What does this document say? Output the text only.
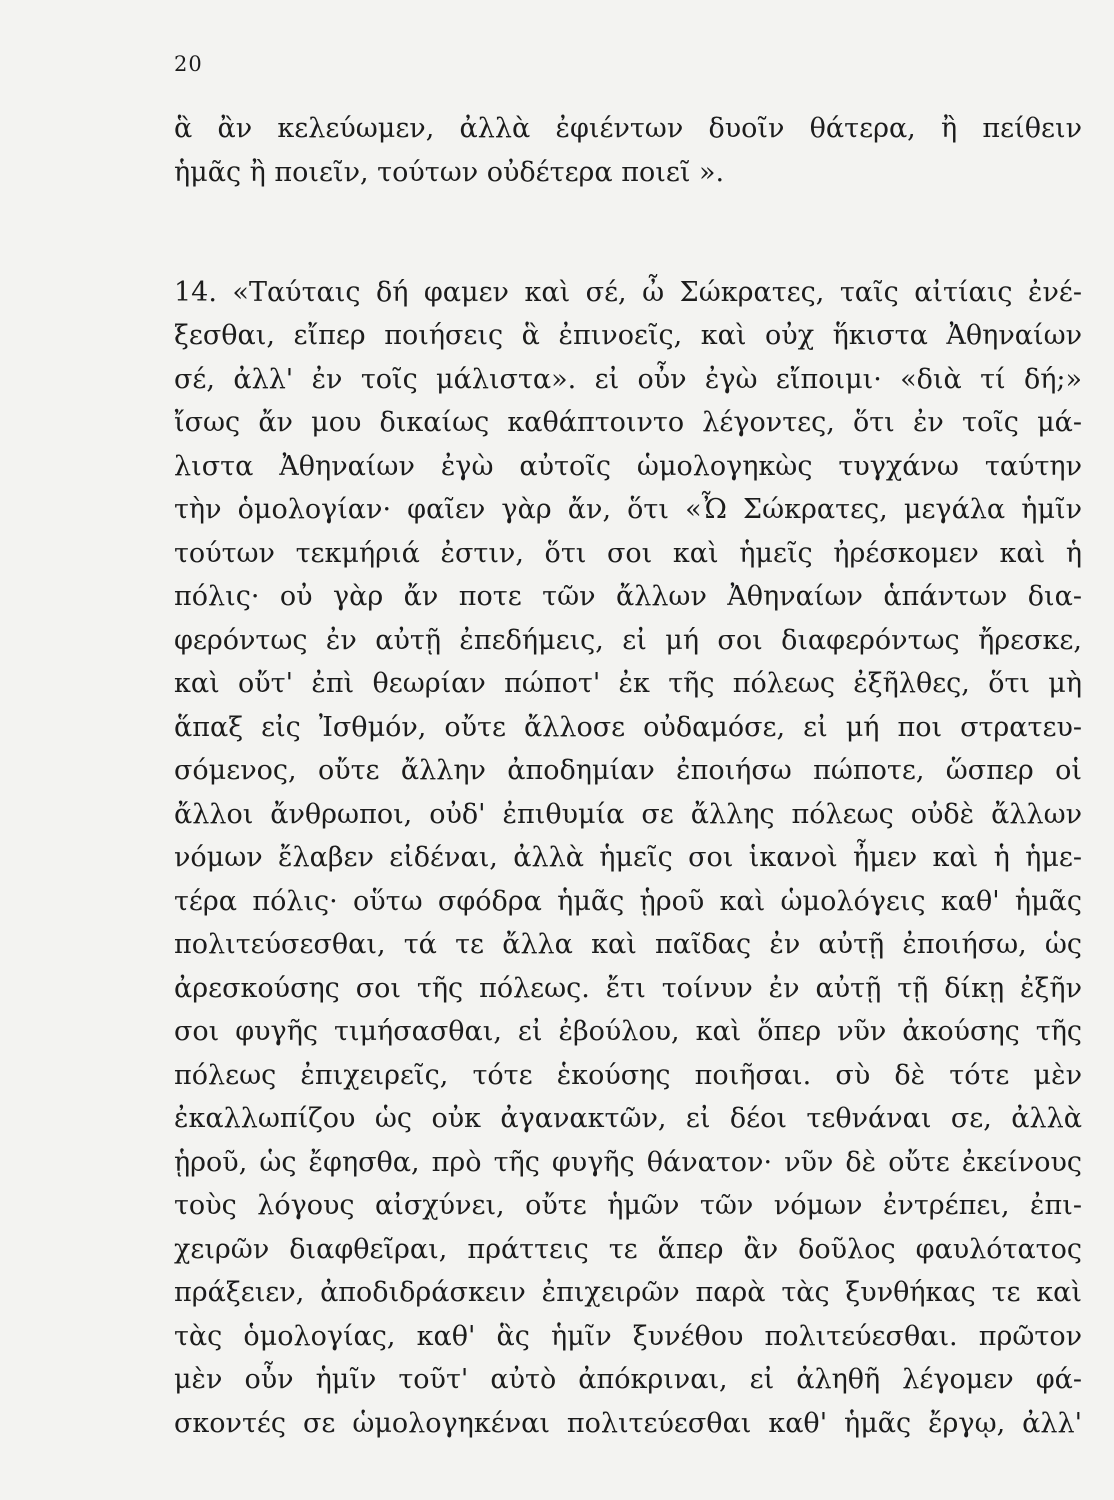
20
ἃ ἂν κελεύωμεν, ἀλλὰ ἐφιέντων δυοῖν θάτερα, ἢ πείθειν
ἡμᾶς ἢ ποιεῖν, τούτων οὐδέτερα ποιεῖ ».
14. «Ταύταις δή φαμεν καὶ σέ, ὦ Σώκρατες, ταῖς αἰτίαις ἐνέ-
ξεσθαι, εἴπερ ποιήσεις ἃ ἐπινοεῖς, καὶ οὐχ ἥκιστα Ἀθηναίων
σέ, ἀλλ' ἐν τοῖς μάλιστα». εἰ οὖν ἐγὼ εἴποιμι· «διὰ τί δή;»
ἴσως ἄν μου δικαίως καθάπτοιντο λέγοντες, ὅτι ἐν τοῖς μά-
λιστα Ἀθηναίων ἐγὼ αὐτοῖς ὡμολογηκὼς τυγχάνω ταύτην
τὴν ὁμολογίαν· φαῖεν γὰρ ἄν, ὅτι «Ὦ Σώκρατες, μεγάλα ἡμῖν
τούτων τεκμήριά ἐστιν, ὅτι σοι καὶ ἡμεῖς ἠρέσκομεν καὶ ἡ
πόλις· οὐ γὰρ ἄν ποτε τῶν ἄλλων Ἀθηναίων ἁπάντων δια-
φερόντως ἐν αὐτῇ ἐπεδήμεις, εἰ μή σοι διαφερόντως ἤρεσκε,
καὶ οὔτ' ἐπὶ θεωρίαν πώποτ' ἐκ τῆς πόλεως ἐξῆλθες, ὅτι μὴ
ἅπαξ εἰς Ἰσθμόν, οὔτε ἄλλοσε οὐδαμόσε, εἰ μή ποι στρατευ-
σόμενος, οὔτε ἄλλην ἀποδημίαν ἐποιήσω πώποτε, ὥσπερ οἱ
ἄλλοι ἄνθρωποι, οὐδ' ἐπιθυμία σε ἄλλης πόλεως οὐδὲ ἄλλων
νόμων ἔλαβεν εἰδέναι, ἀλλὰ ἡμεῖς σοι ἱκανοὶ ἦμεν καὶ ἡ ἡμε-
τέρα πόλις· οὕτω σφόδρα ἡμᾶς ᾑροῦ καὶ ὡμολόγεις καθ' ἡμᾶς
πολιτεύσεσθαι, τά τε ἄλλα καὶ παῖδας ἐν αὐτῇ ἐποιήσω, ὡς
ἀρεσκούσης σοι τῆς πόλεως. ἔτι τοίνυν ἐν αὐτῇ τῇ δίκῃ ἐξῆν
σοι φυγῆς τιμήσασθαι, εἰ ἐβούλου, καὶ ὅπερ νῦν ἀκούσης τῆς
πόλεως ἐπιχειρεῖς, τότε ἑκούσης ποιῆσαι. σὺ δὲ τότε μὲν
ἐκαλλωπίζου ὡς οὐκ ἀγανακτῶν, εἰ δέοι τεθνάναι σε, ἀλλὰ
ᾑροῦ, ὡς ἔφησθα, πρὸ τῆς φυγῆς θάνατον· νῦν δὲ οὔτε ἐκείνους
τοὺς λόγους αἰσχύνει, οὔτε ἡμῶν τῶν νόμων ἐντρέπει, ἐπι-
χειρῶν διαφθεῖραι, πράττεις τε ἅπερ ἂν δοῦλος φαυλότατος
πράξειεν, ἀποδιδράσκειν ἐπιχειρῶν παρὰ τὰς ξυνθήκας τε καὶ
τὰς ὁμολογίας, καθ' ἃς ἡμῖν ξυνέθου πολιτεύεσθαι. πρῶτον
μὲν οὖν ἡμῖν τοῦτ' αὐτὸ ἀπόκριναι, εἰ ἀληθῆ λέγομεν φά-
σκοντές σε ὡμολογηκέναι πολιτεύεσθαι καθ' ἡμᾶς ἔργῳ, ἀλλ'
